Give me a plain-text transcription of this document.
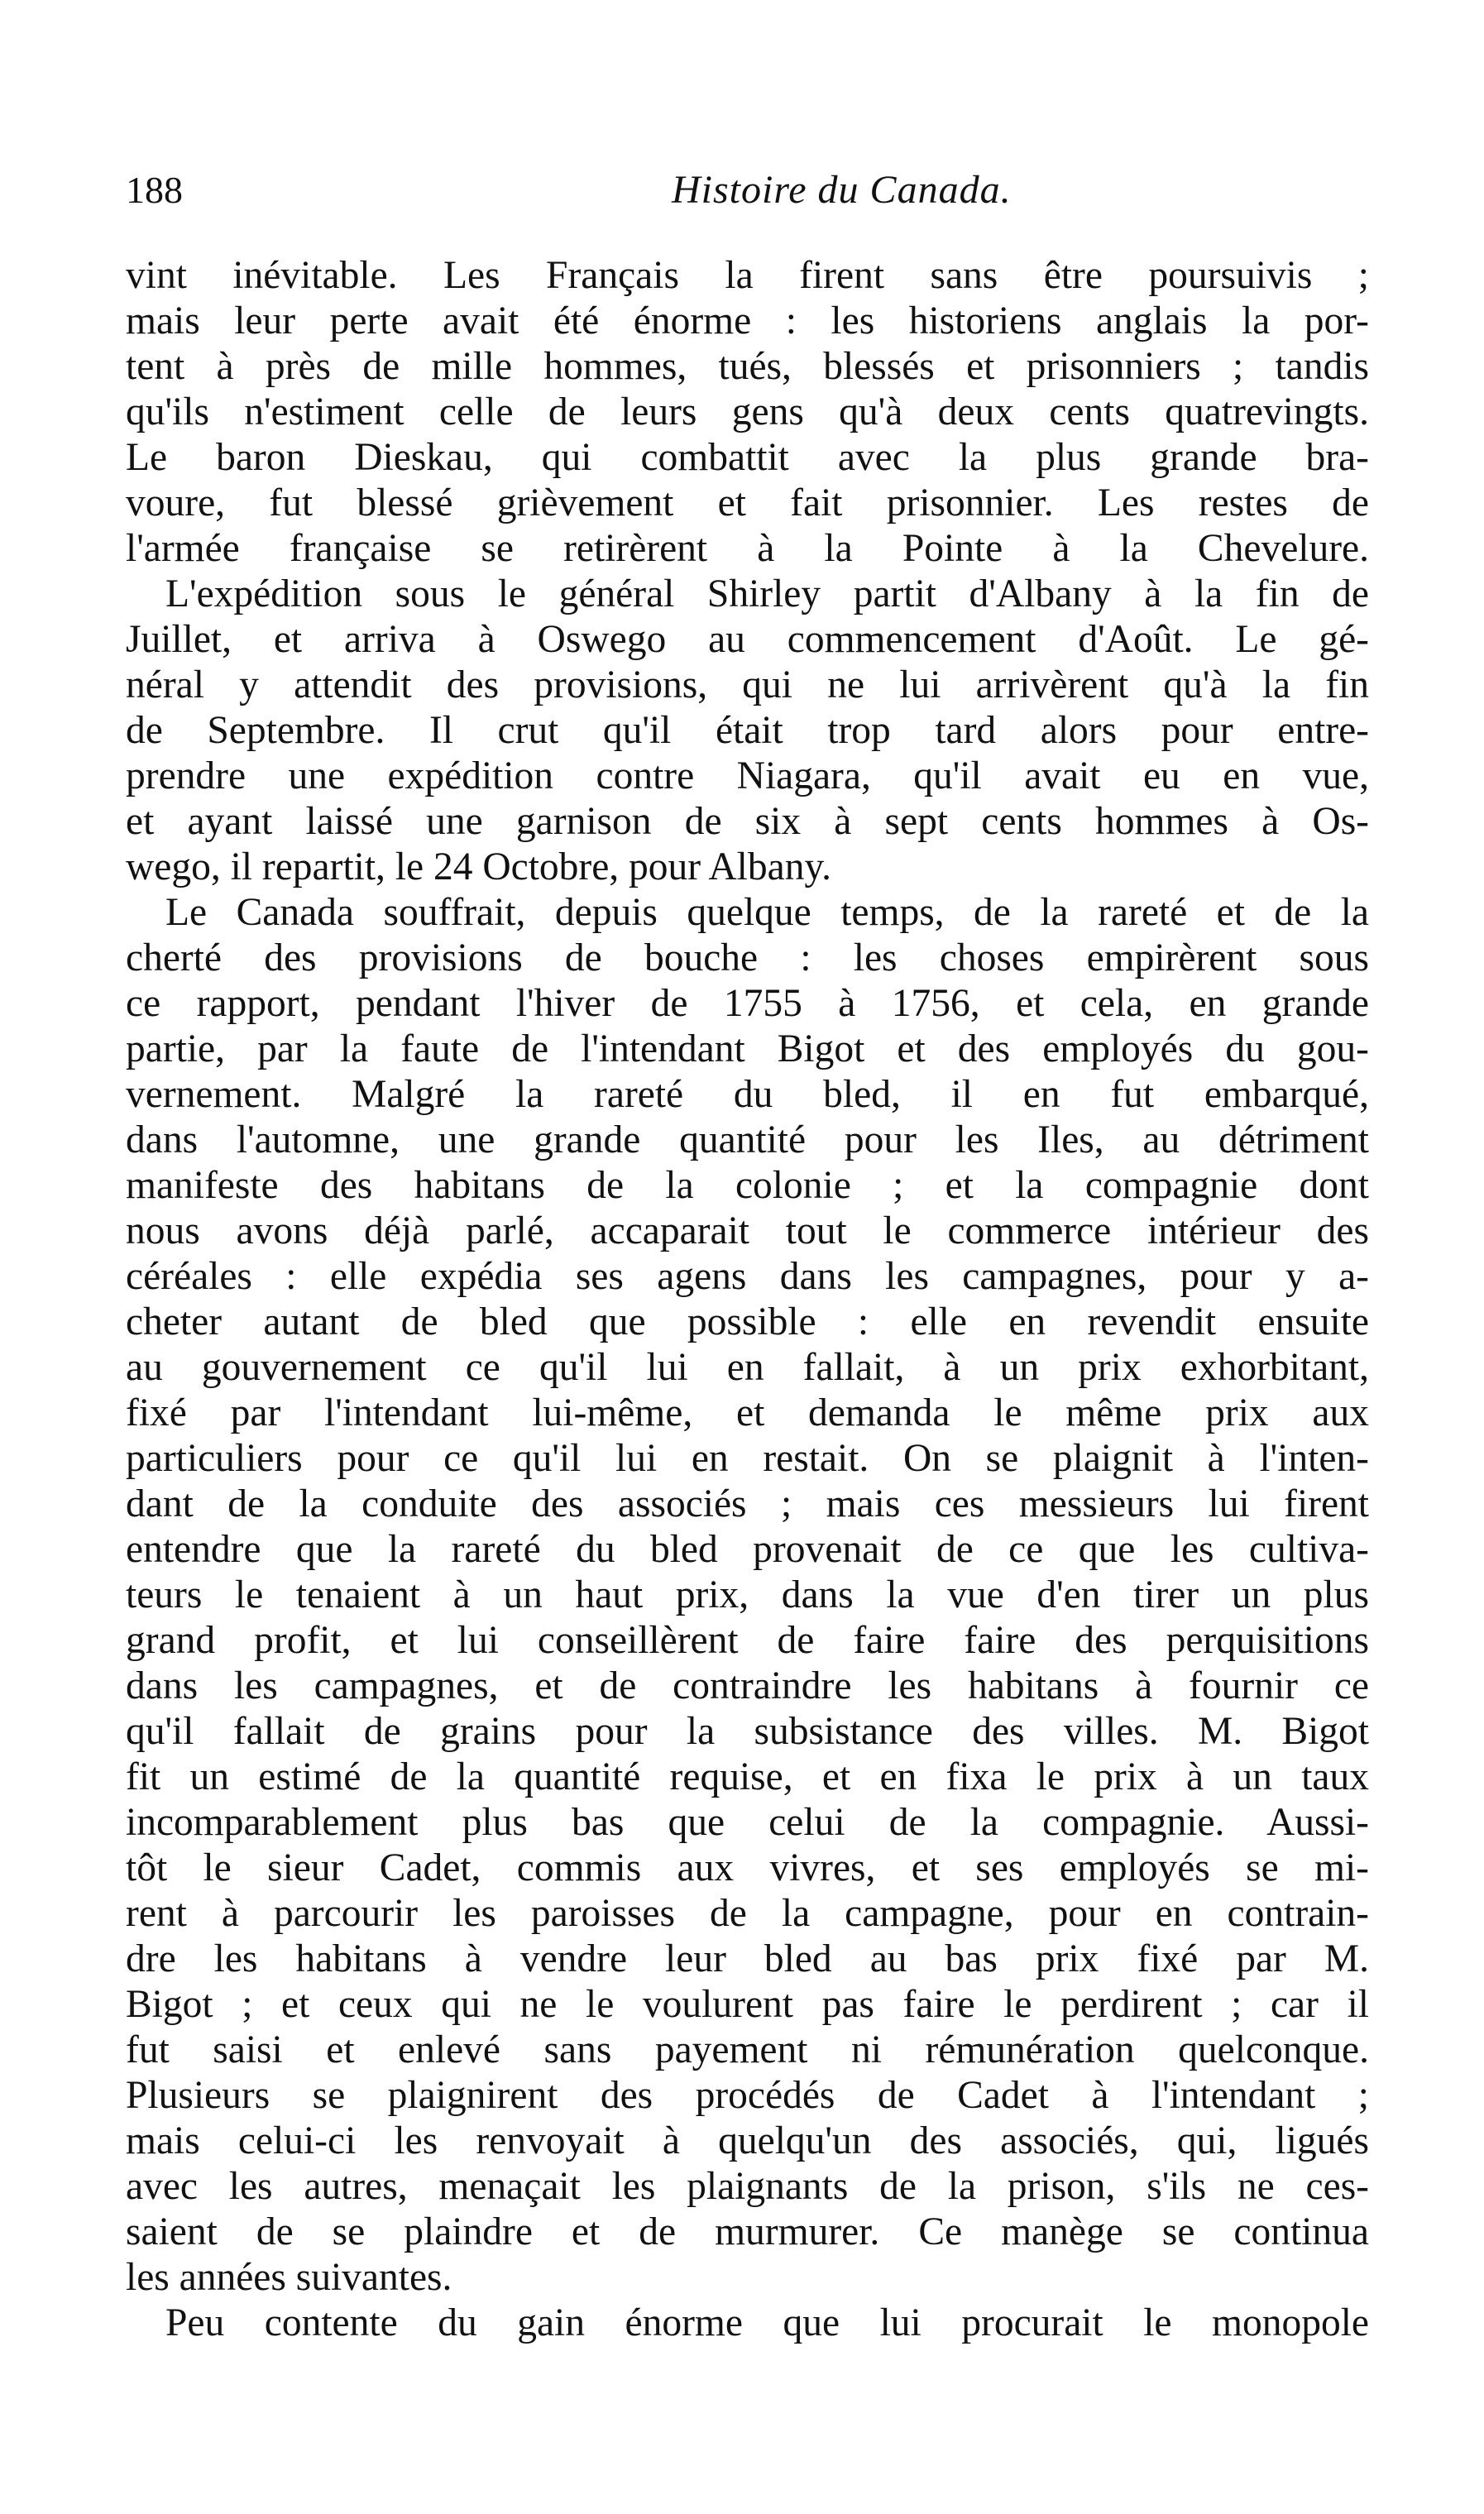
188	Histoire du Canada.
vint inévitable. Les Français la firent sans être poursuivis ;
mais leur perte avait été énorme : les historiens anglais la por-
tent à près de mille hommes, tués, blessés et prisonniers ; tandis
qu'ils n'estiment celle de leurs gens qu'à deux cents quatrevingts.
Le baron Dieskau, qui combattit avec la plus grande bra-
voure, fut blessé grièvement et fait prisonnier. Les restes de
l'armée française se retirèrent à la Pointe à la Chevelure.
L'expédition sous le général Shirley partit d'Albany à la fin de
Juillet, et arriva à Oswego au commencement d'Août. Le gé-
néral y attendit des provisions, qui ne lui arrivèrent qu'à la fin
de Septembre. Il crut qu'il était trop tard alors pour entre-
prendre une expédition contre Niagara, qu'il avait eu en vue,
et ayant laissé une garnison de six à sept cents hommes à Os-
wego, il repartit, le 24 Octobre, pour Albany.
Le Canada souffrait, depuis quelque temps, de la rareté et de la
cherté des provisions de bouche : les choses empirèrent sous
ce rapport, pendant l'hiver de 1755 à 1756, et cela, en grande
partie, par la faute de l'intendant Bigot et des employés du gou-
vernement. Malgré la rareté du bled, il en fut embarqué,
dans l'automne, une grande quantité pour les Iles, au détriment
manifeste des habitans de la colonie ; et la compagnie dont
nous avons déjà parlé, accaparait tout le commerce intérieur des
céréales : elle expédia ses agens dans les campagnes, pour y a-
cheter autant de bled que possible : elle en revendit ensuite
au gouvernement ce qu'il lui en fallait, à un prix exhorbitant,
fixé par l'intendant lui-même, et demanda le même prix aux
particuliers pour ce qu'il lui en restait. On se plaignit à l'inten-
dant de la conduite des associés ; mais ces messieurs lui firent
entendre que la rareté du bled provenait de ce que les cultiva-
teurs le tenaient à un haut prix, dans la vue d'en tirer un plus
grand profit, et lui conseillèrent de faire faire des perquisitions
dans les campagnes, et de contraindre les habitans à fournir ce
qu'il fallait de grains pour la subsistance des villes. M. Bigot
fit un estimé de la quantité requise, et en fixa le prix à un taux
incomparablement plus bas que celui de la compagnie. Aussi-
tôt le sieur Cadet, commis aux vivres, et ses employés se mi-
rent à parcourir les paroisses de la campagne, pour en contrain-
dre les habitans à vendre leur bled au bas prix fixé par M.
Bigot ; et ceux qui ne le voulurent pas faire le perdirent ; car il
fut saisi et enlevé sans payement ni rémunération quelconque.
Plusieurs se plaignirent des procédés de Cadet à l'intendant ;
mais celui-ci les renvoyait à quelqu'un des associés, qui, ligués
avec les autres, menaçait les plaignants de la prison, s'ils ne ces-
saient de se plaindre et de murmurer. Ce manège se continua
les années suivantes.
Peu contente du gain énorme que lui procurait le monopole
